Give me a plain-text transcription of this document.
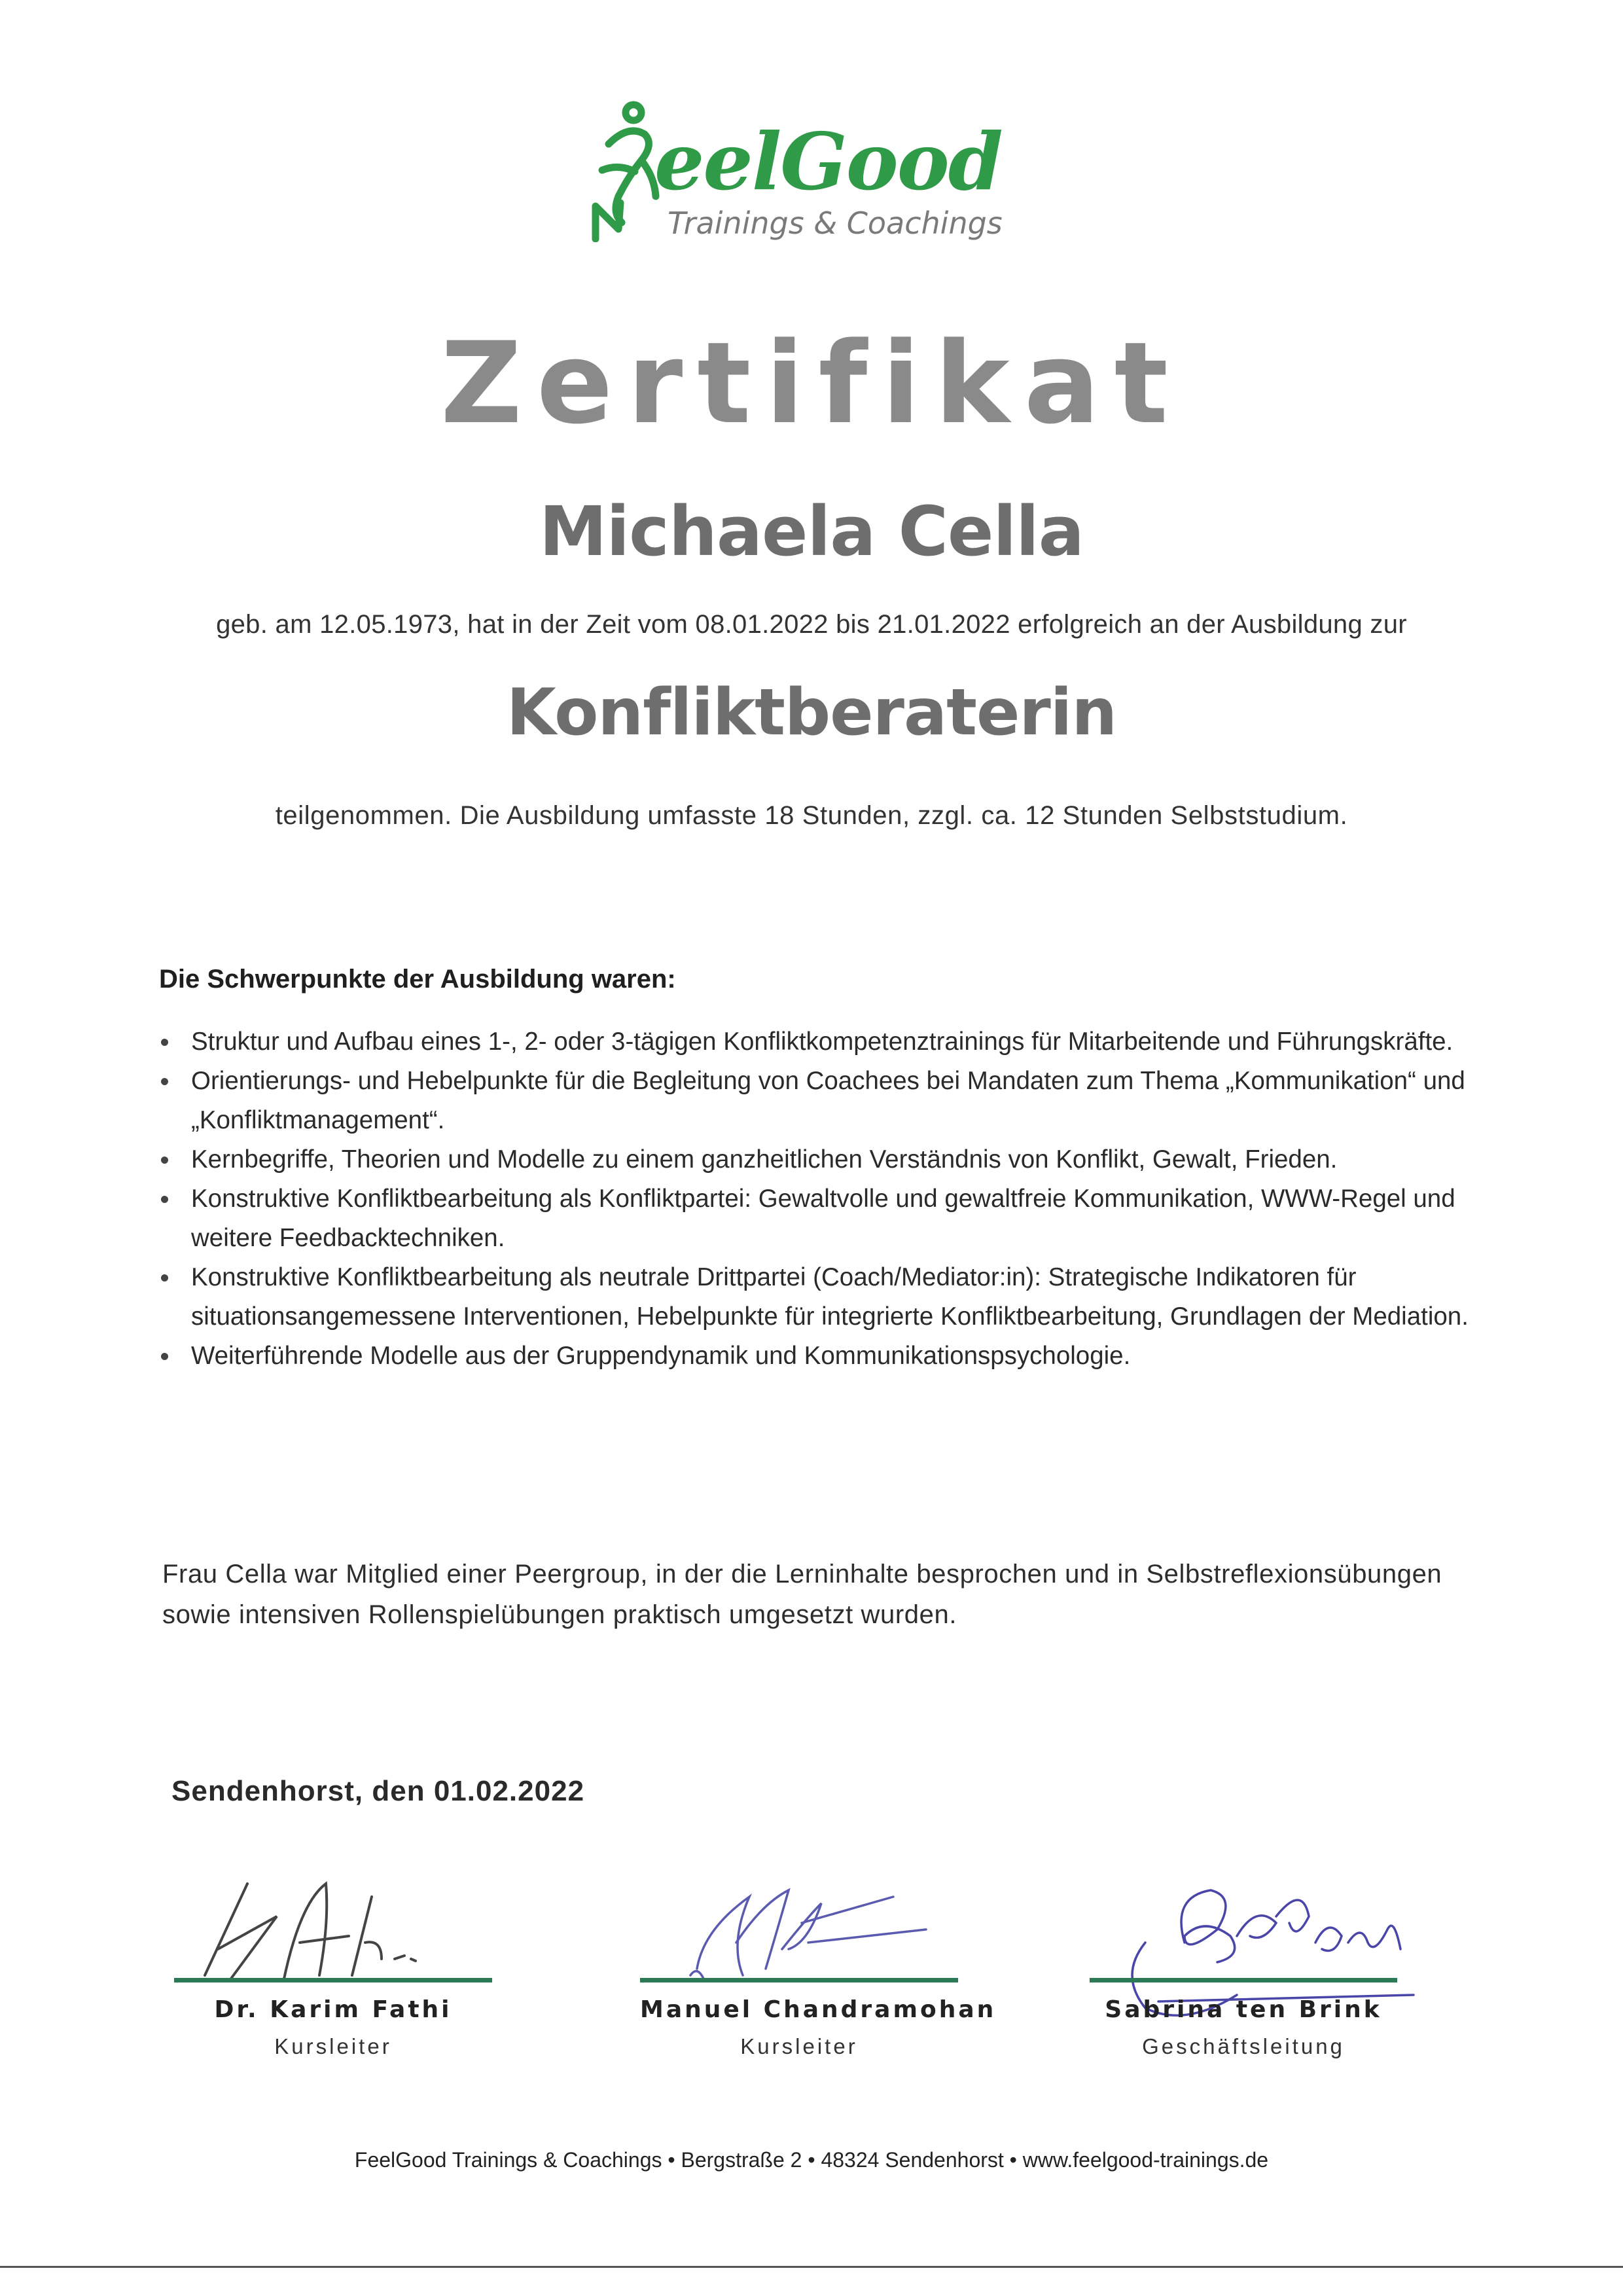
eelGood
Trainings & Coachings
Zertifikat
Michaela Cella
geb. am 12.05.1973, hat in der Zeit vom 08.01.2022 bis 21.01.2022 erfolgreich an der Ausbildung zur
Konfliktberaterin
teilgenommen. Die Ausbildung umfasste 18 Stunden, zzgl. ca. 12 Stunden Selbststudium.
Die Schwerpunkte der Ausbildung waren:
Struktur und Aufbau eines 1-, 2- oder 3-tägigen Konfliktkompetenztrainings für Mitarbeitende und Führungskräfte.
Orientierungs- und Hebelpunkte für die Begleitung von Coachees bei Mandaten zum Thema „Kommunikation“ und „Konfliktmanagement“.
Kernbegriffe, Theorien und Modelle zu einem ganzheitlichen Verständnis von Konflikt, Gewalt, Frieden.
Konstruktive Konfliktbearbeitung als Konfliktpartei: Gewaltvolle und gewaltfreie Kommunikation, WWW-Regel und weitere Feedbacktechniken.
Konstruktive Konfliktbearbeitung als neutrale Drittpartei (Coach/Mediator:in): Strategische Indikatoren für situationsangemessene Interventionen, Hebelpunkte für integrierte Konfliktbearbeitung, Grundlagen der Mediation.
Weiterführende Modelle aus der Gruppendynamik und Kommunikationspsychologie.
Frau Cella war Mitglied einer Peergroup, in der die Lerninhalte besprochen und in Selbstreflexionsübungen sowie intensiven Rollenspielübungen praktisch umgesetzt wurden.
Sendenhorst, den 01.02.2022
Dr. Karim Fathi
Kursleiter
Manuel Chandramohan
Kursleiter
Sabrina ten Brink
Geschäftsleitung
FeelGood Trainings & Coachings • Bergstraße 2 • 48324 Sendenhorst • www.feelgood-trainings.de
